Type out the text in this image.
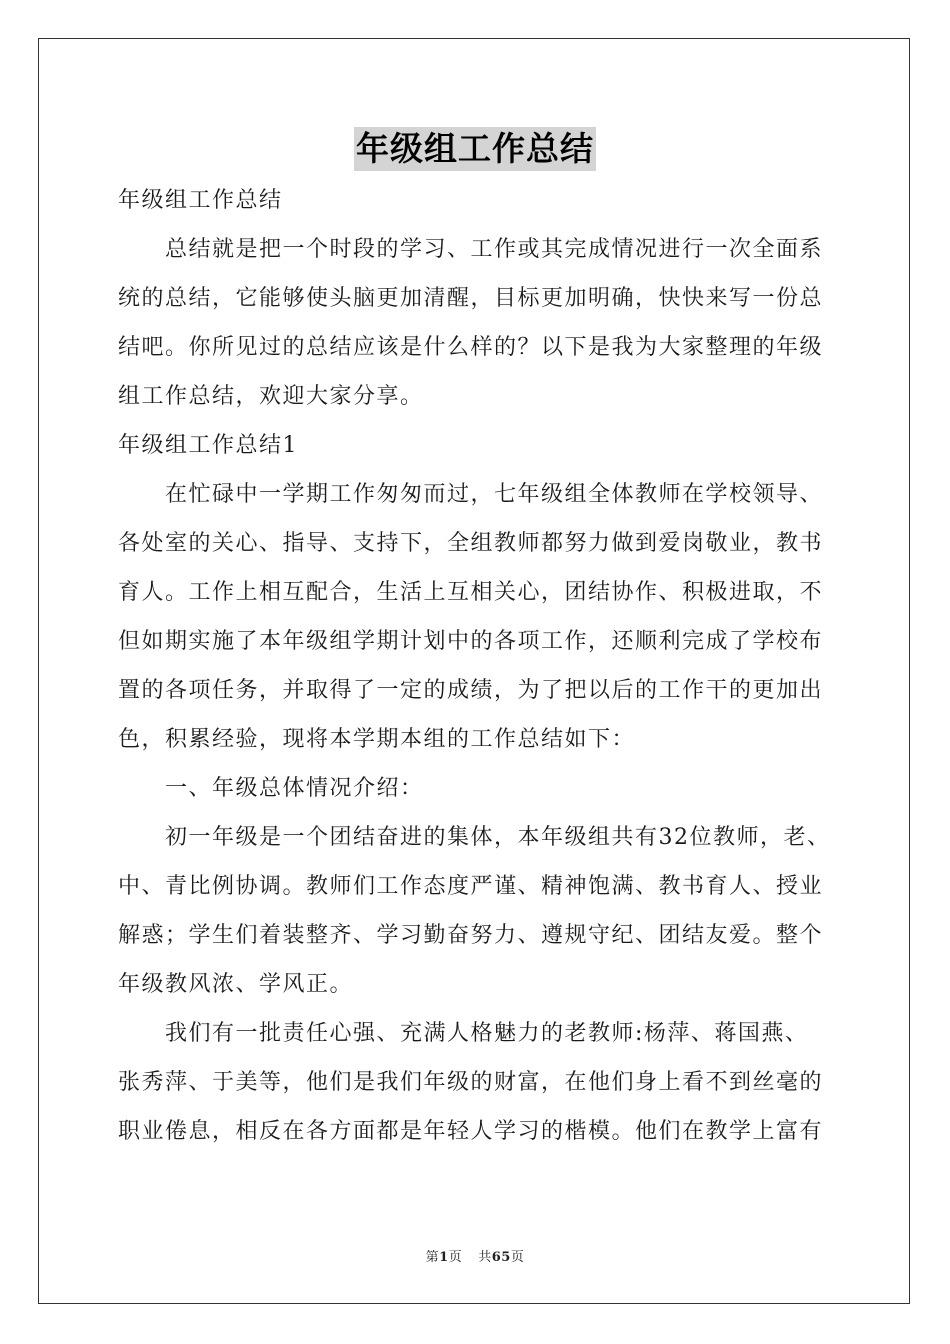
年级组工作总结
年级组工作总结
总结就是把一个时段的学习、工作或其完成情况进行一次全面系
统的总结，它能够使头脑更加清醒，目标更加明确，快快来写一份总
结吧。你所见过的总结应该是什么样的？以下是我为大家整理的年级
组工作总结，欢迎大家分享。
年级组工作总结1
在忙碌中一学期工作匆匆而过，七年级组全体教师在学校领导、
各处室的关心、指导、支持下，全组教师都努力做到爱岗敬业，教书
育人。工作上相互配合，生活上互相关心，团结协作、积极进取，不
但如期实施了本年级组学期计划中的各项工作，还顺利完成了学校布
置的各项任务，并取得了一定的成绩，为了把以后的工作干的更加出
色，积累经验，现将本学期本组的工作总结如下：
一、年级总体情况介绍：
初一年级是一个团结奋进的集体，本年级组共有32位教师，老、
中、青比例协调。教师们工作态度严谨、精神饱满、教书育人、授业
解惑；学生们着装整齐、学习勤奋努力、遵规守纪、团结友爱。整个
年级教风浓、学风正。
我们有一批责任心强、充满人格魅力的老教师:杨萍、蒋国燕、
张秀萍、于美等，他们是我们年级的财富，在他们身上看不到丝毫的
职业倦息，相反在各方面都是年轻人学习的楷模。他们在教学上富有
第1页 共65页
